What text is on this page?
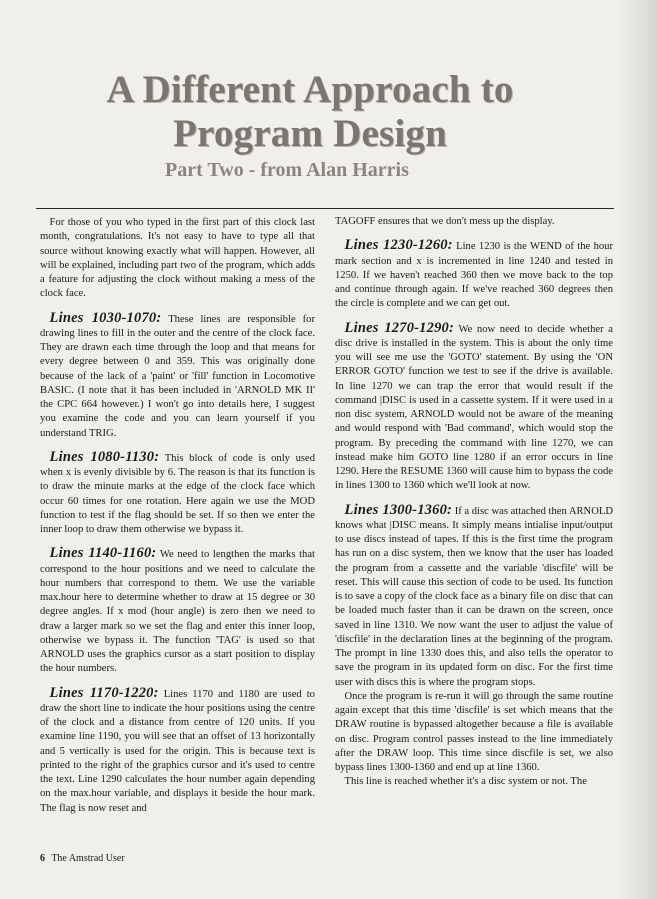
A Different Approach to
Program Design
Part Two - from Alan Harris

For those of you who typed in the first part of this clock last month, congratulations. It's not easy to have to type all that source without knowing exactly what will happen. However, all will be explained, including part two of the program, which adds a feature for adjusting the clock without making a mess of the clock face.

Lines 1030-1070: These lines are responsible for drawing lines to fill in the outer and the centre of the clock face. They are drawn each time through the loop and that means for every degree between 0 and 359. This was originally done because of the lack of a 'paint' or 'fill' function in Locomotive BASIC. (I note that it has been included in 'ARNOLD MK II' the CPC 664 however.) I won't go into details here, I suggest you examine the code and you can learn yourself if you understand TRIG.

Lines 1080-1130: This block of code is only used when x is evenly divisible by 6. The reason is that its function is to draw the minute marks at the edge of the clock face which occur 60 times for one rotation. Here again we use the MOD function to test if the flag should be set. If so then we enter the inner loop to draw them otherwise we bypass it.

Lines 1140-1160: We need to lengthen the marks that correspond to the hour positions and we need to calculate the hour numbers that correspond to them. We use the variable max.hour here to determine whether to draw at 15 degree or 30 degree angles. If x mod (hour angle) is zero then we need to draw a larger mark so we set the flag and enter this inner loop, otherwise we bypass it. The function 'TAG' is used so that ARNOLD uses the graphics cursor as a start position to display the hour numbers.

Lines 1170-1220: Lines 1170 and 1180 are used to draw the short line to indicate the hour positions using the centre of the clock and a distance from centre of 120 units. If you examine line 1190, you will see that an offset of 13 horizontally and 5 vertically is used for the origin. This is because text is printed to the right of the graphics cursor and it's used to centre the text. Line 1290 calculates the hour number again depending on the max.hour variable, and displays it beside the hour mark. The flag is now reset and

TAGOFF ensures that we don't mess up the display.

Lines 1230-1260: Line 1230 is the WEND of the hour mark section and x is incremented in line 1240 and tested in 1250. If we haven't reached 360 then we move back to the top and continue through again. If we've reached 360 degrees then the circle is complete and we can get out.

Lines 1270-1290: We now need to decide whether a disc drive is installed in the system. This is about the only time you will see me use the 'GOTO' statement. By using the 'ON ERROR GOTO' function we test to see if the drive is available. In line 1270 we can trap the error that would result if the command |DISC is used in a cassette system. If it were used in a non disc system, ARNOLD would not be aware of the meaning and would respond with 'Bad command', which would stop the program. By preceding the command with line 1270, we can instead make him GOTO line 1280 if an error occurs in line 1290. Here the RESUME 1360 will cause him to bypass the code in lines 1300 to 1360 which we'll look at now.

Lines 1300-1360: If a disc was attached then ARNOLD knows what |DISC means. It simply means intialise input/output to use discs instead of tapes. If this is the first time the program has run on a disc system, then we know that the user has loaded the program from a cassette and the variable 'discfile' will be reset. This will cause this section of code to be used. Its function is to save a copy of the clock face as a binary file on disc that can be loaded much faster than it can be drawn on the screen, once saved in line 1310. We now want the user to adjust the value of 'discfile' in the declaration lines at the beginning of the program. The prompt in line 1330 does this, and also tells the operator to save the program in its updated form on disc. For the first time user with discs this is where the program stops.

Once the program is re-run it will go through the same routine again except that this time 'discfile' is set which means that the DRAW routine is bypassed altogether because a file is available on disc. Program control passes instead to the line immediately after the DRAW loop. This time since discfile is set, we also bypass lines 1300-1360 and end up at line 1360.

This line is reached whether it's a disc system or not. The

6 The Amstrad User
